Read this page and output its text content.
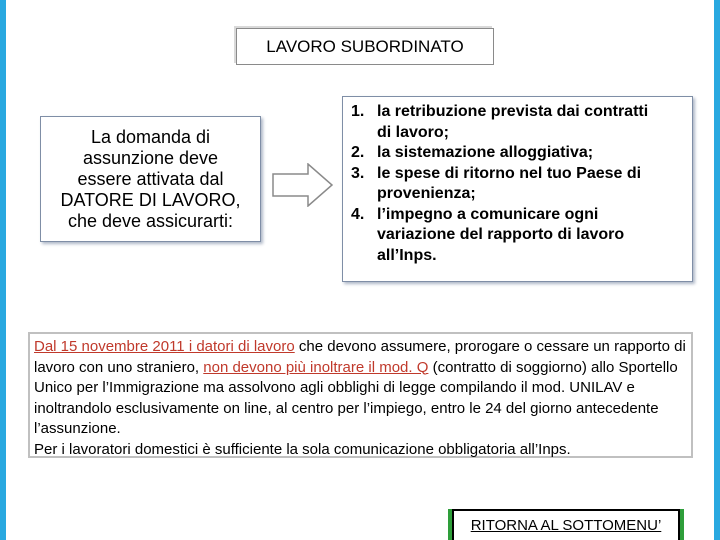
LAVORO SUBORDINATO
La domanda di
assunzione deve
essere attivata dal
DATORE DI LAVORO,
che deve assicurarti:
1. la retribuzione prevista dai contratti
di lavoro;
2. la sistemazione alloggiativa;
3. le spese di ritorno nel tuo Paese di
provenienza;
4. l’impegno a comunicare ogni
variazione del rapporto di lavoro
all’Inps.
Dal 15 novembre 2011 i datori di lavoro che devono assumere, prorogare o cessare un rapporto di lavoro con uno straniero, non devono più inoltrare il mod. Q (contratto di soggiorno) allo Sportello Unico per l’Immigrazione ma assolvono agli obblighi di legge compilando il mod. UNILAV e inoltrandolo esclusivamente on line, al centro per l’impiego, entro le 24 del giorno antecedente l’assunzione.
Per i lavoratori domestici è sufficiente la sola comunicazione obbligatoria all’Inps.
RITORNA AL SOTTOMENU’
